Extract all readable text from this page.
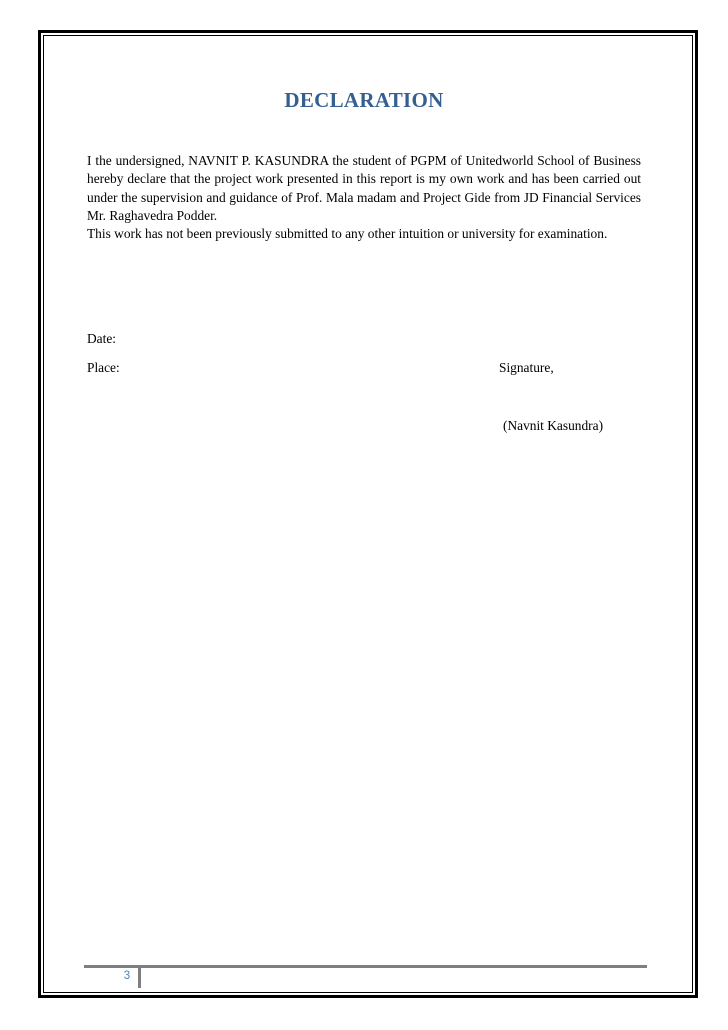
DECLARATION

I the undersigned, NAVNIT P. KASUNDRA the student of PGPM of Unitedworld School of Business hereby declare that the project work presented in this report is my own work and has been carried out under the supervision and guidance of Prof. Mala madam and Project Gide from JD Financial Services Mr. Raghavedra Podder.

This work has not been previously submitted to any other intuition or university for examination.

Date:
Place:	Signature,
(Navnit Kasundra)
3
